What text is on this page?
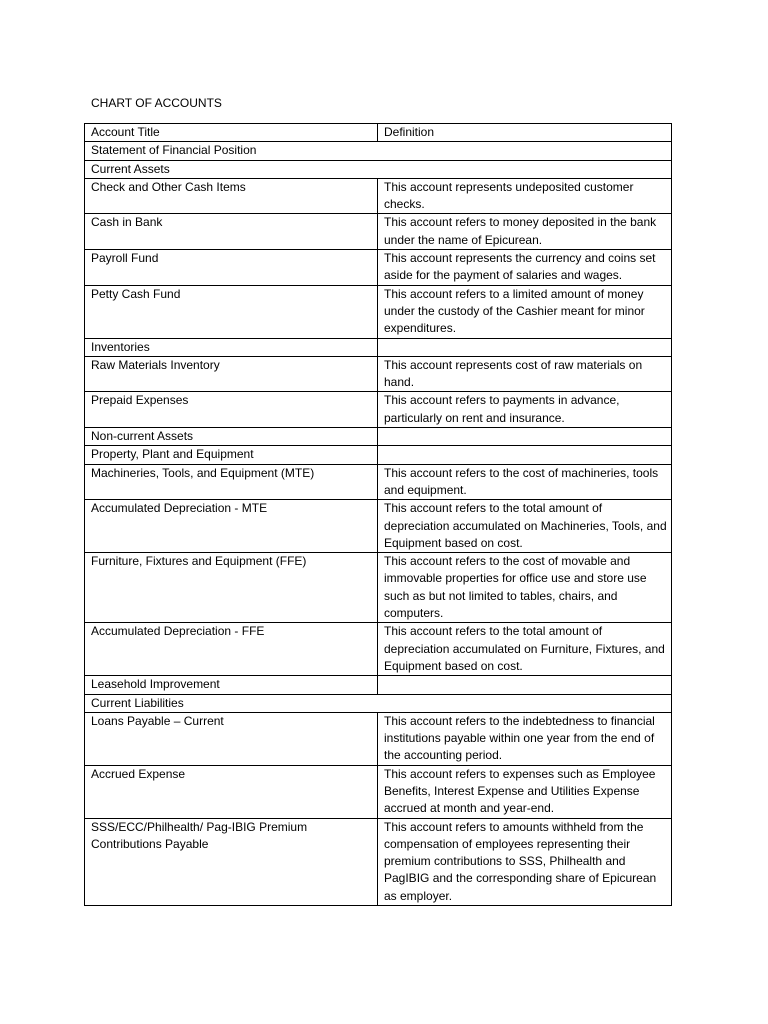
CHART OF ACCOUNTS
Account Title	Definition
Statement of Financial Position	
Current Assets	
Check and Other Cash Items	This account represents undeposited customer checks.
Cash in Bank	This account refers to money deposited in the bank under the name of Epicurean.
Payroll Fund	This account represents the currency and coins set aside for the payment of salaries and wages.
Petty Cash Fund	This account refers to a limited amount of money under the custody of the Cashier meant for minor expenditures.
Inventories	
Raw Materials Inventory	This account represents cost of raw materials on hand.
Prepaid Expenses	This account refers to payments in advance, particularly on rent and insurance.
Non-current Assets	
Property, Plant and Equipment	
Machineries, Tools, and Equipment (MTE)	This account refers to the cost of machineries, tools and equipment.
Accumulated Depreciation - MTE	This account refers to the total amount of depreciation accumulated on Machineries, Tools, and Equipment based on cost.
Furniture, Fixtures and Equipment (FFE)	This account refers to the cost of movable and immovable properties for office use and store use such as but not limited to tables, chairs, and computers.
Accumulated Depreciation - FFE	This account refers to the total amount of depreciation accumulated on Furniture, Fixtures, and Equipment based on cost.
Leasehold Improvement	
Current Liabilities	
Loans Payable – Current	This account refers to the indebtedness to financial institutions payable within one year from the end of the accounting period.
Accrued Expense	This account refers to expenses such as Employee Benefits, Interest Expense and Utilities Expense accrued at month and year-end.
SSS/ECC/Philhealth/ Pag-IBIG Premium Contributions Payable	This account refers to amounts withheld from the compensation of employees representing their premium contributions to SSS, Philhealth and PagIBIG and the corresponding share of Epicurean as employer.
